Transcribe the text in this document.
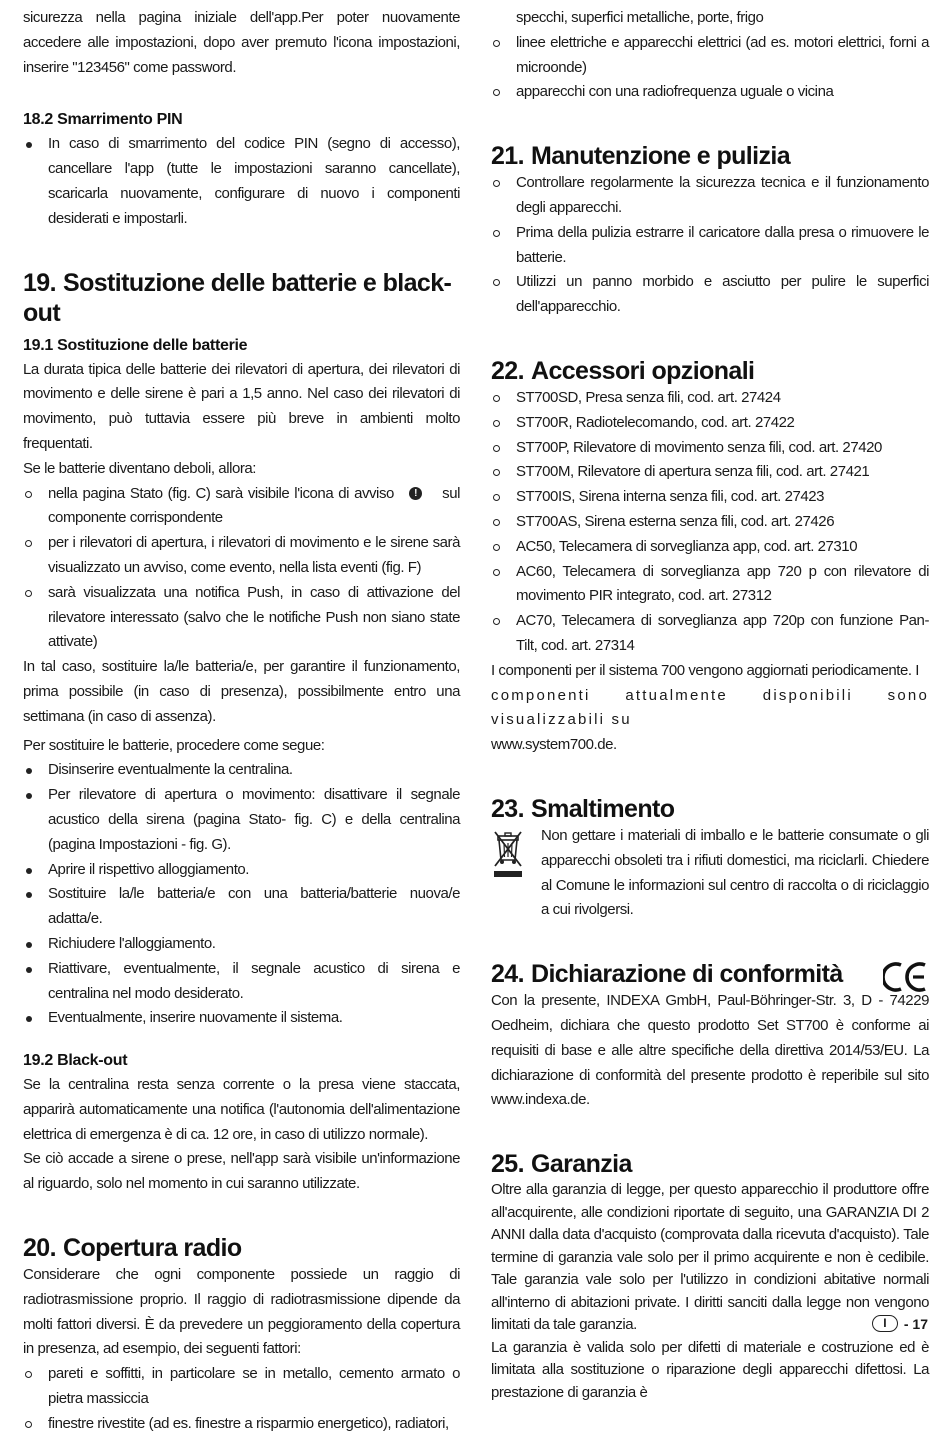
sicurezza nella pagina iniziale dell'app.Per poter nuovamente accedere alle impostazioni, dopo aver premuto l'icona impostazioni, inserire "123456" come password.

18.2 Smarrimento PIN
In caso di smarrimento del codice PIN (segno di accesso), cancellare l'app (tutte le impostazioni saranno cancellate), scaricarla nuovamente, configurare di nuovo i componenti desiderati e impostarli.
19. Sostituzione delle batterie e black-out
19.1 Sostituzione delle batterie

La durata tipica delle batterie dei rilevatori di apertura, dei rilevatori di movimento e delle sirene è pari a 1,5 anno. Nel caso dei rilevatori di movimento, può tuttavia essere più breve in ambienti molto frequentati.

Se le batterie diventano deboli, allora:

nella pagina Stato (fig. C) sarà visibile l'icona di avviso ! sul componente corrispondente
per i rilevatori di apertura, i rilevatori di movimento e le sirene sarà visualizzato un avviso, come evento, nella lista eventi (fig. F)
sarà visualizzata una notifica Push, in caso di attivazione del rilevatore interessato (salvo che le notifiche Push non siano state attivate)

In tal caso, sostituire la/le batteria/e, per garantire il funzionamento, prima possibile (in caso di presenza), possibilmente entro una settimana (in caso di assenza).

Per sostituire le batterie, procedere come segue:

Disinserire eventualmente la centralina.
Per rilevatore di apertura o movimento: disattivare il segnale acustico della sirena (pagina Stato- fig. C) e della centralina (pagina Impostazioni - fig. G).
Aprire il rispettivo alloggiamento.
Sostituire la/le batteria/e con una batteria/batterie nuova/e adatta/e.
Richiudere l'alloggiamento.
Riattivare, eventualmente, il segnale acustico di sirena e centralina nel modo desiderato.
Eventualmente, inserire nuovamente il sistema.
19.2 Black-out

Se la centralina resta senza corrente o la presa viene staccata, apparirà automaticamente una notifica (l'autonomia dell'alimentazione elettrica di emergenza è di ca. 12 ore, in caso di utilizzo normale).

Se ciò accade a sirene o prese, nell'app sarà visibile un'informazione al riguardo, solo nel momento in cui saranno utilizzate.

20. Copertura radio

Considerare che ogni componente possiede un raggio di radiotrasmissione proprio. Il raggio di radiotrasmissione dipende da molti fattori diversi. È da prevedere un peggioramento della copertura in presenza, ad esempio, dei seguenti fattori:

pareti e soffitti, in particolare se in metallo, cemento armato o pietra massiccia
finestre rivestite (ad es. finestre a risparmio energetico), radiatori,

specchi, superfici metalliche, porte, frigo

linee elettriche e apparecchi elettrici (ad es. motori elettrici, forni a microonde)
apparecchi con una radiofrequenza uguale o vicina
21. Manutenzione e pulizia
Controllare regolarmente la sicurezza tecnica e il funzionamento degli apparecchi.
Prima della pulizia estrarre il caricatore dalla presa o rimuovere le batterie.
Utilizzi un panno morbido e asciutto per pulire le superfici dell'apparecchio.
22. Accessori opzionali
ST700SD, Presa senza fili, cod. art. 27424
ST700R, Radiotelecomando, cod. art. 27422
ST700P, Rilevatore di movimento senza fili, cod. art. 27420
ST700M, Rilevatore di apertura senza fili, cod. art. 27421
ST700IS, Sirena interna senza fili, cod. art. 27423
ST700AS, Sirena esterna senza fili, cod. art. 27426
AC50, Telecamera di sorveglianza app, cod. art. 27310
AC60, Telecamera di sorveglianza app 720 p con rilevatore di movimento PIR integrato, cod. art. 27312
AC70, Telecamera di sorveglianza app 720p con funzione Pan-Tilt, cod. art. 27314

I componenti per il sistema 700 vengono aggiornati periodicamente. I
componenti attualmente disponibili sono visualizzabili su
www.system700.de.

23. Smaltimento

Non gettare i materiali di imballo e le batterie consumate o gli apparecchi obsoleti tra i rifiuti domestici, ma riciclarli. Chiedere al Comune le informazioni sul centro di raccolta o di riciclaggio a cui rivolgersi.

24. Dichiarazione di conformità

Con la presente, INDEXA GmbH, Paul-Böhringer-Str. 3, D - 74229 Oedheim, dichiara che questo prodotto Set ST700 è conforme ai requisiti di base e alle altre specifiche della direttiva 2014/53/EU. La dichiarazione di conformità del presente prodotto è reperibile sul sito www.indexa.de.

25. Garanzia

Oltre alla garanzia di legge, per questo apparecchio il produttore offre all'acquirente, alle condizioni riportate di seguito, una GARANZIA DI 2 ANNI dalla data d'acquisto (comprovata dalla ricevuta d'acquisto). Tale termine di garanzia vale solo per il primo acquirente e non è cedibile. Tale garanzia vale solo per l'utilizzo in condizioni abitative normali all'interno di abitazioni private. I diritti sanciti dalla legge non vengono limitati da tale garanzia.

La garanzia è valida solo per difetti di materiale e costruzione ed è limitata alla sostituzione o riparazione degli apparecchi difettosi. La prestazione di garanzia è

I	- 17
